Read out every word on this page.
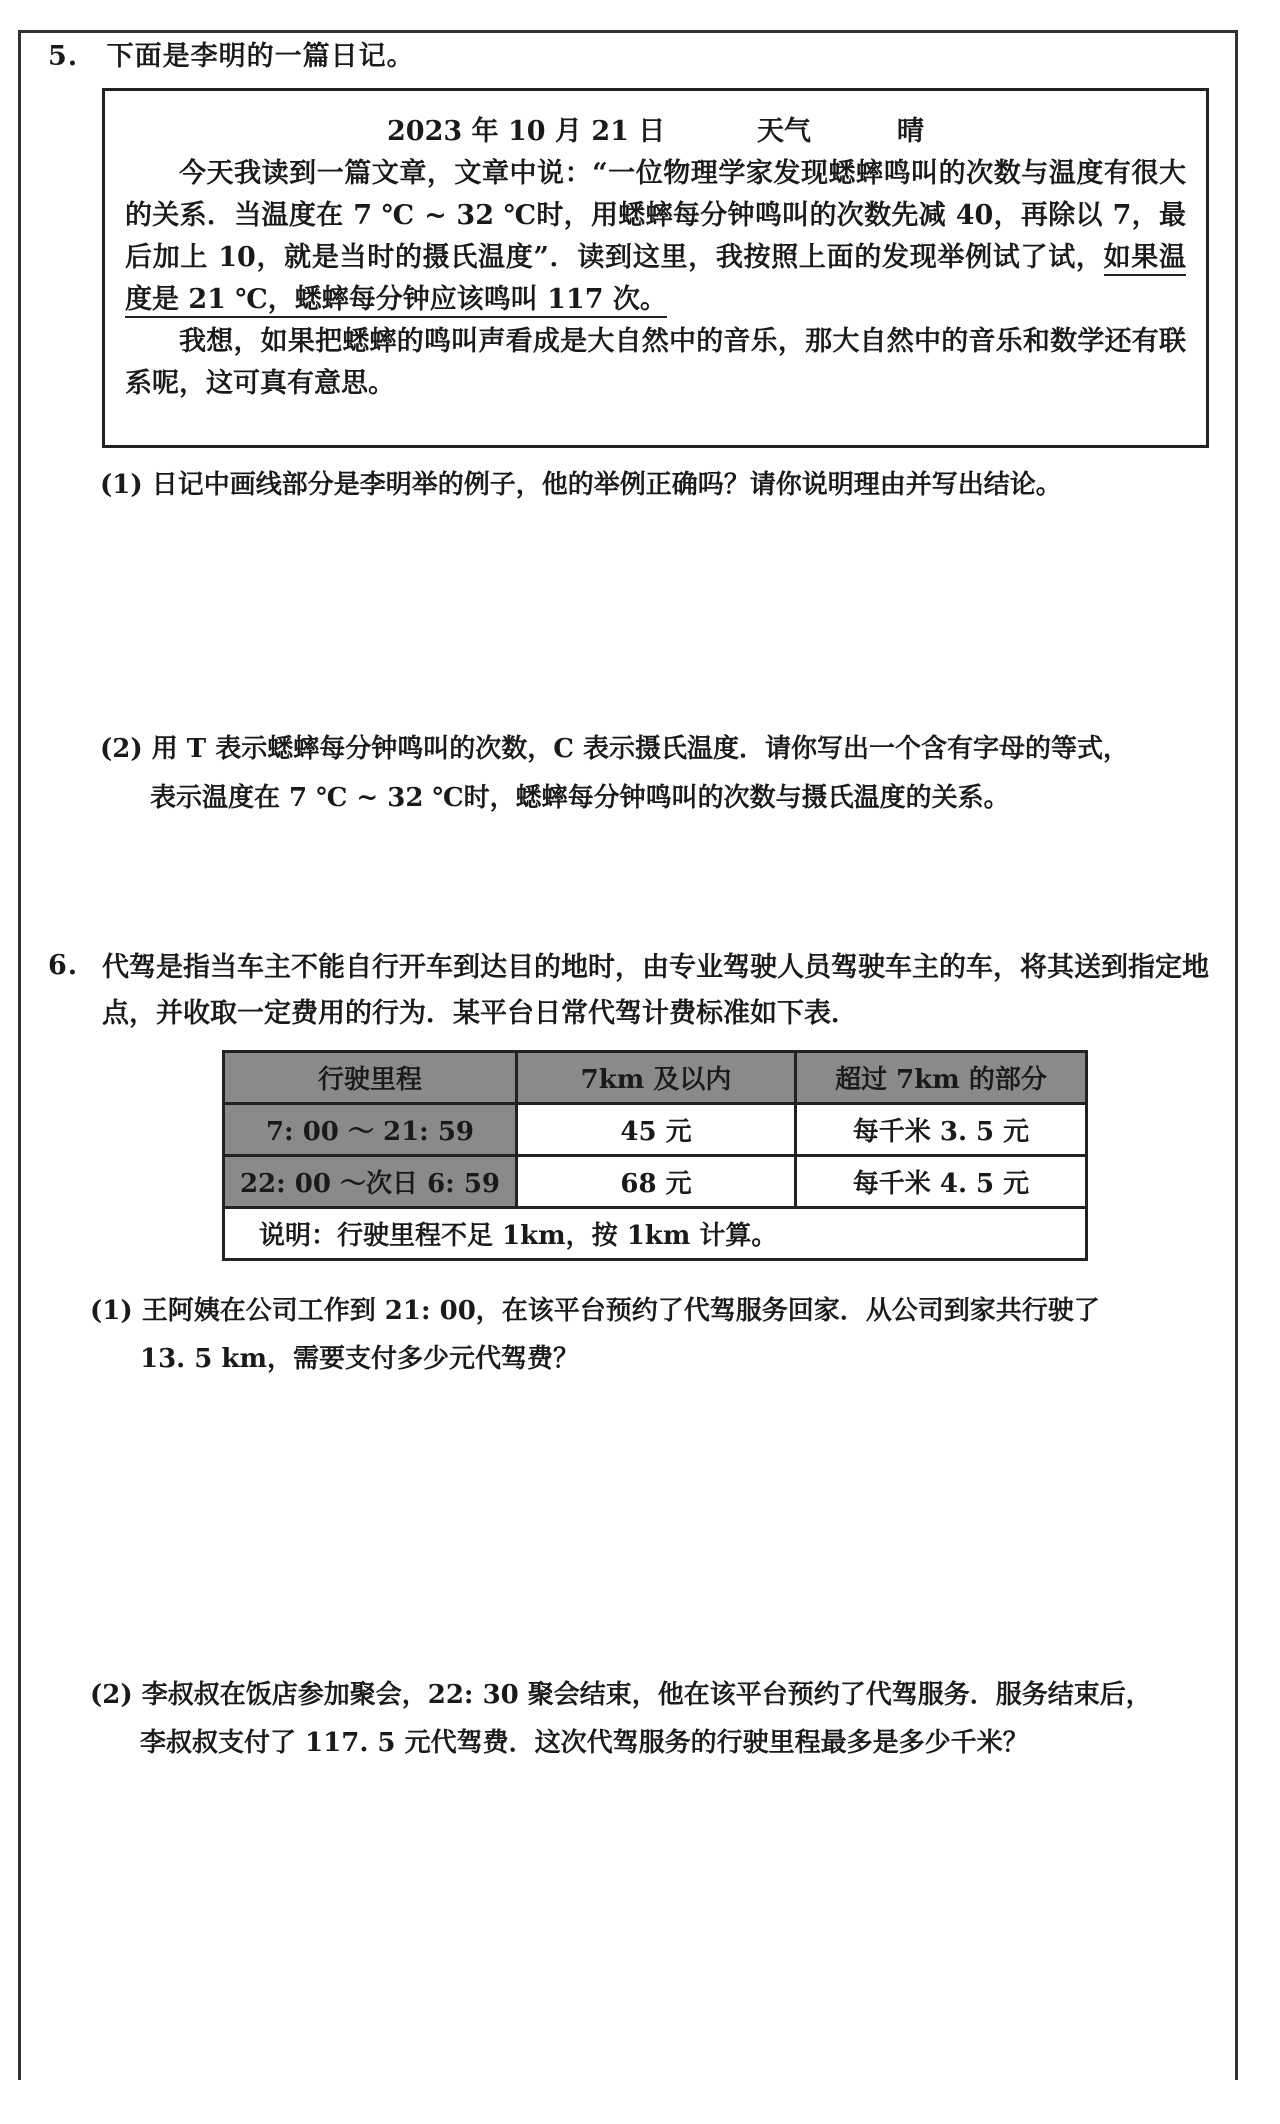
5. 下面是李明的一篇日记。
2023 年 10 月 21 日	天气	晴

今天我读到一篇文章，文章中说：“一位物理学家发现蟋蟀鸣叫的次数与温度有很大的关系．当温度在 7 ℃ ~ 32 ℃时，用蟋蟀每分钟鸣叫的次数先减 40，再除以 7，最后加上 10，就是当时的摄氏温度”．读到这里，我按照上面的发现举例试了试，如果温度是 21 ℃，蟋蟀每分钟应该鸣叫 117 次。

我想，如果把蟋蟀的鸣叫声看成是大自然中的音乐，那大自然中的音乐和数学还有联系呢，这可真有意思。

(1) 日记中画线部分是李明举的例子，他的举例正确吗？请你说明理由并写出结论。
(2) 用 T 表示蟋蟀每分钟鸣叫的次数，C 表示摄氏温度．请你写出一个含有字母的等式，
表示温度在 7 ℃ ~ 32 ℃时，蟋蟀每分钟鸣叫的次数与摄氏温度的关系。
6. 代驾是指当车主不能自行开车到达目的地时，由专业驾驶人员驾驶车主的车，将其送到指定地点，并收取一定费用的行为．某平台日常代驾计费标准如下表．
行驶里程	7km 及以内	超过 7km 的部分
7: 00 ～ 21: 59	45 元	每千米 3. 5 元
22: 00 ～次日 6: 59	68 元	每千米 4. 5 元
说明：行驶里程不足 1km，按 1km 计算。		
(1) 王阿姨在公司工作到 21: 00，在该平台预约了代驾服务回家．从公司到家共行驶了
13. 5 km，需要支付多少元代驾费？
(2) 李叔叔在饭店参加聚会，22: 30 聚会结束，他在该平台预约了代驾服务．服务结束后，
李叔叔支付了 117. 5 元代驾费．这次代驾服务的行驶里程最多是多少千米？
